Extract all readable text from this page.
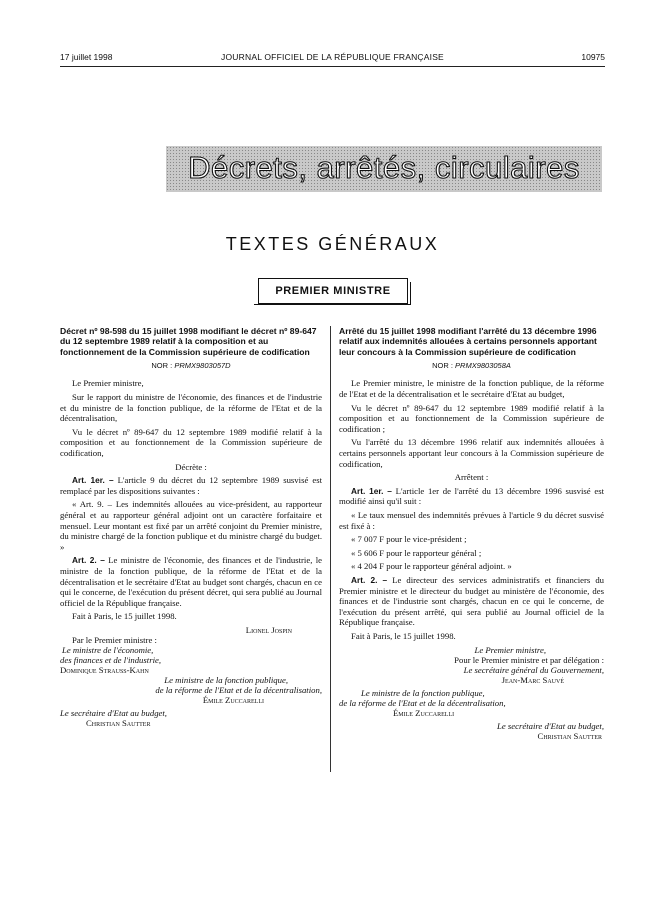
17 juillet 1998	JOURNAL OFFICIEL DE LA RÉPUBLIQUE FRANÇAISE	10975
Décrets, arrêtés, circulaires
TEXTES GÉNÉRAUX
PREMIER MINISTRE
Décret nº 98-598 du 15 juillet 1998 modifiant le décret nº 89-647 du 12 septembre 1989 relatif à la composition et au fonctionnement de la Commission supérieure de codification
NOR : PRMX9803057D

Le Premier ministre,

Sur le rapport du ministre de l'économie, des finances et de l'industrie et du ministre de la fonction publique, de la réforme de l'Etat et de la décentralisation,

Vu le décret nº 89-647 du 12 septembre 1989 modifié relatif à la composition et au fonctionnement de la Commission supérieure de codification,

Décrète :

Art. 1er. – L'article 9 du décret du 12 septembre 1989 susvisé est remplacé par les dispositions suivantes :

« Art. 9. – Les indemnités allouées au vice-président, au rapporteur général et au rapporteur général adjoint ont un caractère forfaitaire et mensuel. Leur montant est fixé par un arrêté conjoint du Premier ministre, du ministre chargé de la fonction publique et du ministre chargé du budget. »

Art. 2. – Le ministre de l'économie, des finances et de l'industrie, le ministre de la fonction publique, de la réforme de l'Etat et de la décentralisation et le secrétaire d'Etat au budget sont chargés, chacun en ce qui le concerne, de l'exécution du présent décret, qui sera publié au Journal officiel de la République française.

Fait à Paris, le 15 juillet 1998.

Lionel Jospin

Par le Premier ministre :

Le ministre de l'économie,

des finances et de l'industrie,

Dominique Strauss-Kahn

Le ministre de la fonction publique,

de la réforme de l'Etat et de la décentralisation,

Émile Zuccarelli

Le secrétaire d'Etat au budget,

Christian Sautter

Arrêté du 15 juillet 1998 modifiant l'arrêté du 13 décembre 1996 relatif aux indemnités allouées à certains personnels apportant leur concours à la Commission supérieure de codification
NOR : PRMX9803058A

Le Premier ministre, le ministre de la fonction publique, de la réforme de l'Etat et de la décentralisation et le secrétaire d'Etat au budget,

Vu le décret nº 89-647 du 12 septembre 1989 modifié relatif à la composition et au fonctionnement de la Commission supérieure de codification ;

Vu l'arrêté du 13 décembre 1996 relatif aux indemnités allouées à certains personnels apportant leur concours à la Commission supérieure de codification,

Arrêtent :

Art. 1er. – L'article 1er de l'arrêté du 13 décembre 1996 susvisé est modifié ainsi qu'il suit :

« Le taux mensuel des indemnités prévues à l'article 9 du décret susvisé est fixé à :

« 7 007 F pour le vice-président ;

« 5 606 F pour le rapporteur général ;

« 4 204 F pour le rapporteur général adjoint. »

Art. 2. – Le directeur des services administratifs et financiers du Premier ministre et le directeur du budget au ministère de l'économie, des finances et de l'industrie sont chargés, chacun en ce qui le concerne, de l'exécution du présent arrêté, qui sera publié au Journal officiel de la République française.

Fait à Paris, le 15 juillet 1998.

Le Premier ministre,

Pour le Premier ministre et par délégation :

Le secrétaire général du Gouvernement,

Jean-Marc Sauvé

Le ministre de la fonction publique,

de la réforme de l'Etat et de la décentralisation,

Émile Zuccarelli

Le secrétaire d'Etat au budget,

Christian Sautter
